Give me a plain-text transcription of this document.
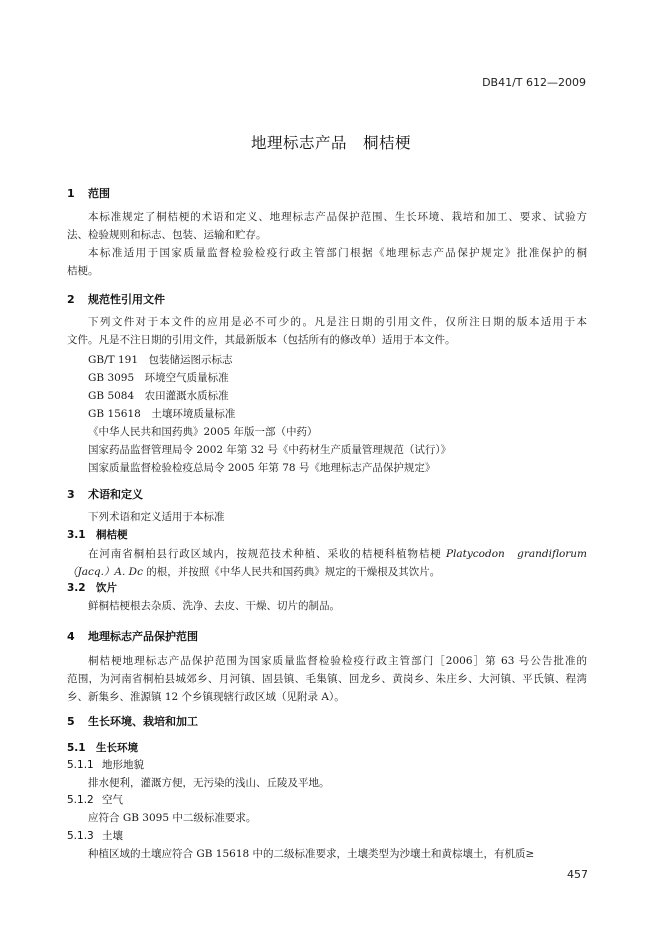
DB41/T 612—2009
地理标志产品　桐桔梗
1 范围
本标准规定了桐桔梗的术语和定义、地理标志产品保护范围、生长环境、栽培和加工、要求、试验方
法、检验规则和标志、包装、运输和贮存。
本标准适用于国家质量监督检验检疫行政主管部门根据《地理标志产品保护规定》批准保护的桐
桔梗。
2 规范性引用文件
下列文件对于本文件的应用是必不可少的。凡是注日期的引用文件，仅所注日期的版本适用于本
文件。凡是不注日期的引用文件，其最新版本（包括所有的修改单）适用于本文件。
GB/T 191　包装储运图示标志
GB 3095　环境空气质量标准
GB 5084　农田灌溉水质标准
GB 15618　土壤环境质量标准
《中华人民共和国药典》2005 年版一部（中药）
国家药品监督管理局令 2002 年第 32 号《中药材生产质量管理规范（试行）》
国家质量监督检验检疫总局令 2005 年第 78 号《地理标志产品保护规定》
3 术语和定义
下列术语和定义适用于本标准
3.1 桐桔梗
在河南省桐柏县行政区域内，按规范技术种植、采收的桔梗科植物桔梗 Platycodon　grandiflorum
（Jacq.）A. Dc 的根，并按照《中华人民共和国药典》规定的干燥根及其饮片。
3.2 饮片
鲜桐桔梗根去杂质、洗净、去皮、干燥、切片的制品。
4 地理标志产品保护范围
桐桔梗地理标志产品保护范围为国家质量监督检验检疫行政主管部门［2006］第 63 号公告批准的
范围，为河南省桐柏县城郊乡、月河镇、固县镇、毛集镇、回龙乡、黄岗乡、朱庄乡、大河镇、平氏镇、程湾
乡、新集乡、淮源镇 12 个乡镇现辖行政区域（见附录 A）。
5 生长环境、栽培和加工
5.1 生长环境
5.1.1 地形地貌
排水便利，灌溉方便，无污染的浅山、丘陵及平地。
5.1.2 空气
应符合 GB 3095 中二级标准要求。
5.1.3 土壤
种植区域的土壤应符合 GB 15618 中的二级标准要求，土壤类型为沙壤土和黄棕壤土，有机质≥
457
